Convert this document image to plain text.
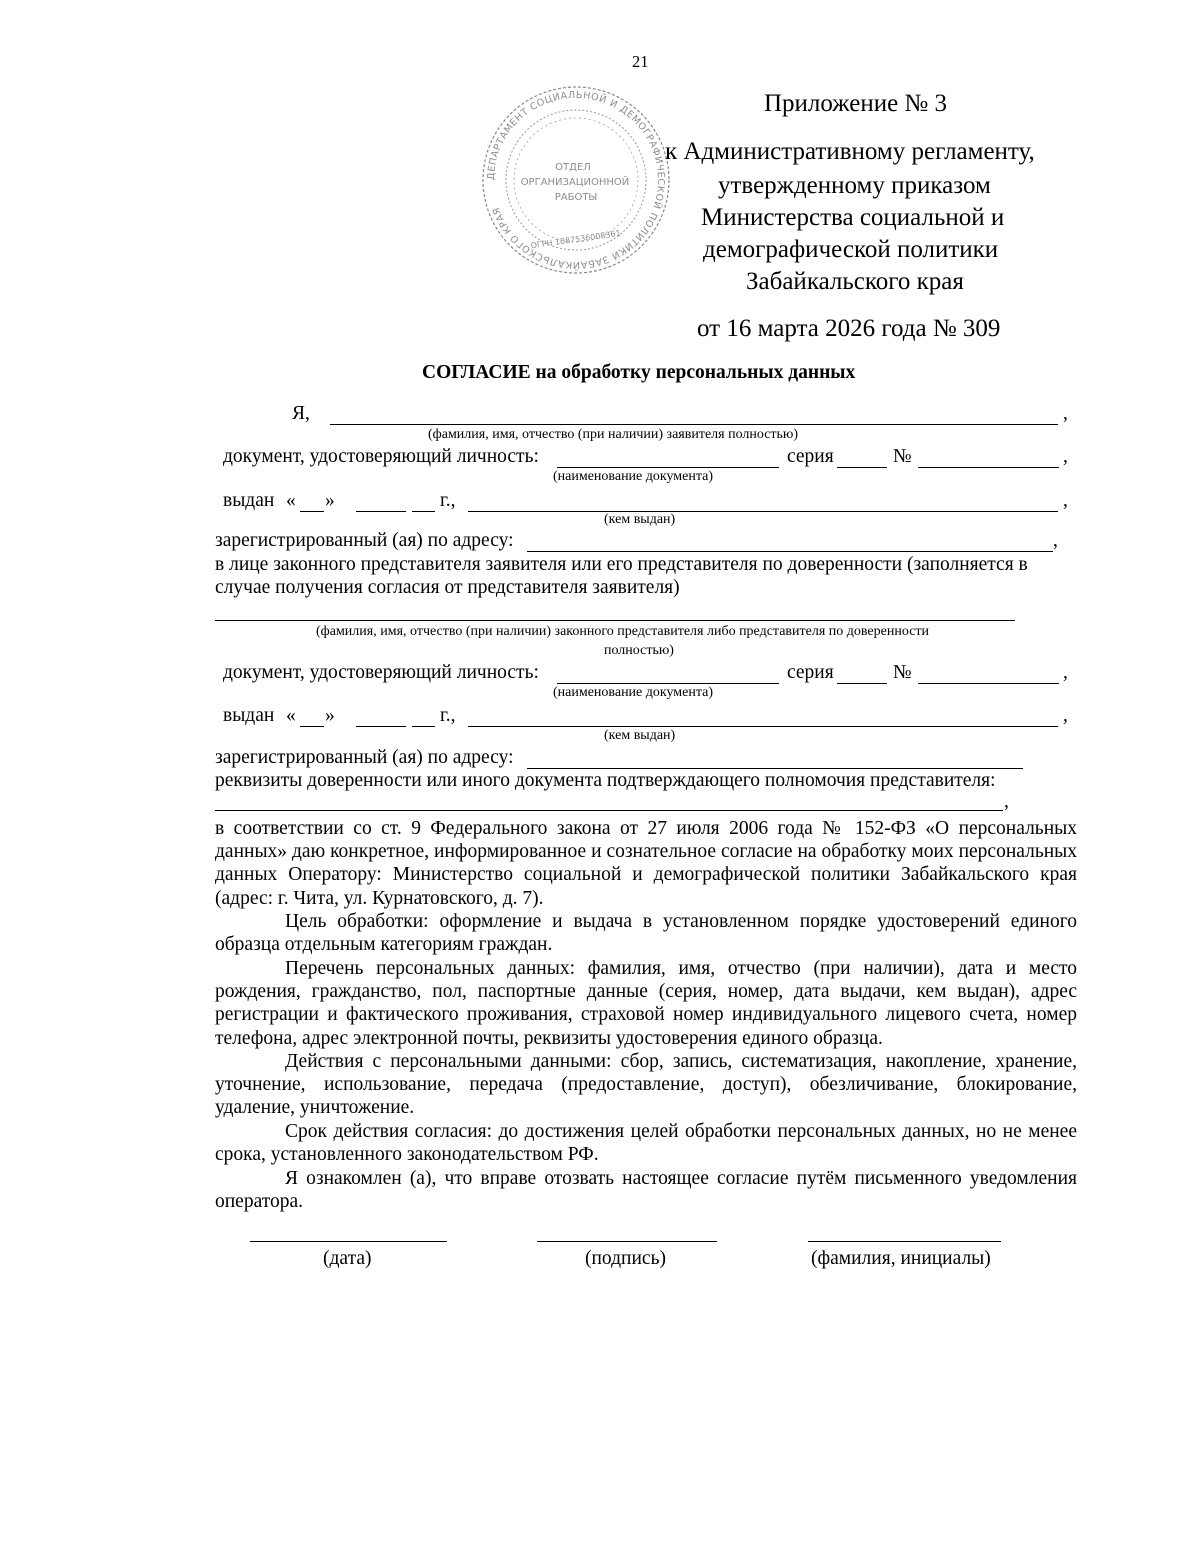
21
ДЕПАРТАМЕНТ СОЦИАЛЬНОЙ И ДЕМОГРАФИЧЕСКОЙ ПОЛИТИКИ ЗАБАЙКАЛЬСКОГО КРАЯ
ОТДЕЛ
ОРГАНИЗАЦИОННОЙ
РАБОТЫ
ОГРН 1087536008361
Приложение № 3
к Административному регламенту,
утвержденному приказом
Министерства социальной и
демографической политики
Забайкальского края
от 16 марта 2026 года № 309
СОГЛАСИЕ на обработку персональных данных
Я,	,
(фамилия, имя, отчество (при наличии) заявителя полностью)
документ, удостоверяющий личность:	серия	№	,
(наименование документа)
выдан « »	г.,	,
(кем выдан)
зарегистрированный (ая) по адресу:	,
в лице законного представителя заявителя или его представителя по доверенности (заполняется в
случае получения согласия от представителя заявителя)
(фамилия, имя, отчество (при наличии) законного представителя либо представителя по доверенности
полностью)
документ, удостоверяющий личность:	серия	№	,
(наименование документа)
выдан « »	г.,	,
(кем выдан)
зарегистрированный (ая) по адресу:
реквизиты доверенности или иного документа подтверждающего полномочия представителя:
,
в соответствии со ст. 9 Федерального закона от 27 июля 2006 года № 152-ФЗ «О персональных данных» даю конкретное, информированное и сознательное согласие на обработку моих персональных данных Оператору: Министерство социальной и демографической политики Забайкальского края (адрес: г. Чита, ул. Курнатовского, д. 7).
Цель обработки: оформление и выдача в установленном порядке удостоверений единого образца отдельным категориям граждан.
Перечень персональных данных: фамилия, имя, отчество (при наличии), дата и место рождения, гражданство, пол, паспортные данные (серия, номер, дата выдачи, кем выдан), адрес регистрации и фактического проживания, страховой номер индивидуального лицевого счета, номер телефона, адрес электронной почты, реквизиты удостоверения единого образца.
Действия с персональными данными: сбор, запись, систематизация, накопление, хранение, уточнение, использование, передача (предоставление, доступ), обезличивание, блокирование, удаление, уничтожение.
Срок действия согласия: до достижения целей обработки персональных данных, но не менее срока, установленного законодательством РФ.
Я ознакомлен (а), что вправе отозвать настоящее согласие путём письменного уведомления оператора.
(дата)	(подпись)	(фамилия, инициалы)
